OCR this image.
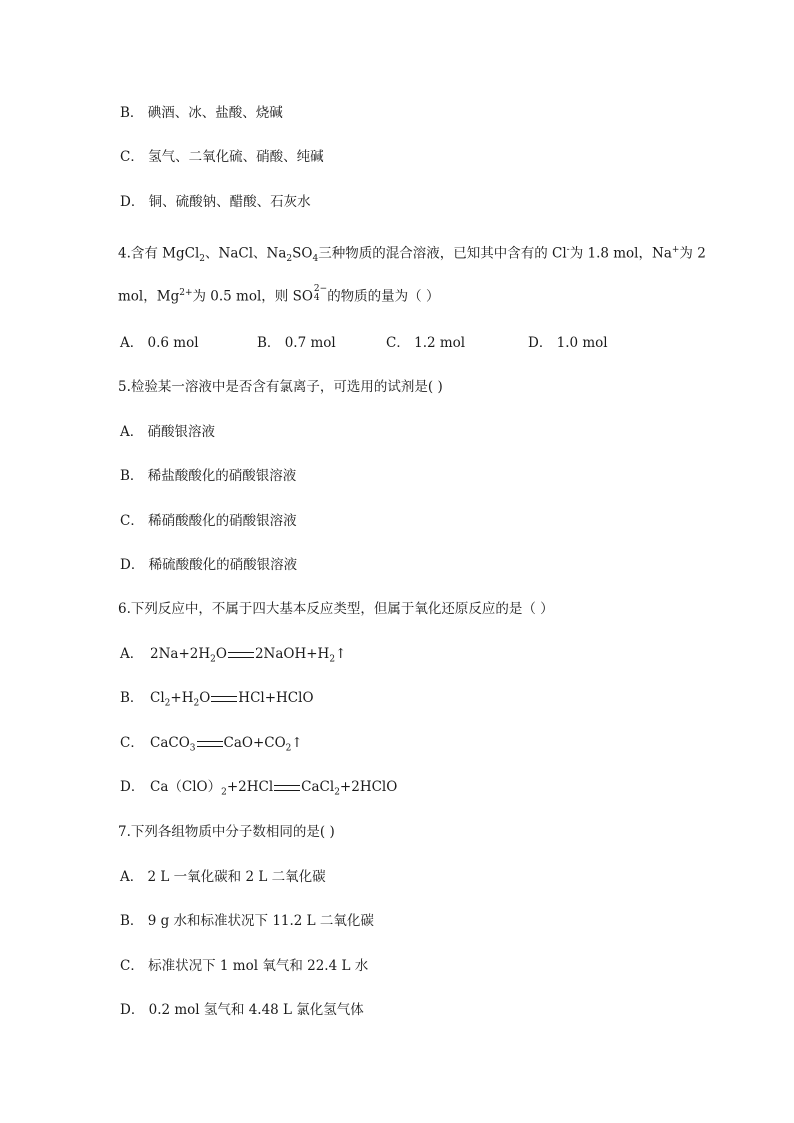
B． 碘酒、冰、盐酸、烧碱
C． 氢气、二氧化硫、硝酸、纯碱
D． 铜、硫酸钠、醋酸、石灰水
4.含有 MgCl$_2$、NaCl、$Na_2SO_4$三种物质的混合溶液，已知其中含有的 Cl-为 1.8 mol，Na+为 2
mol，$Mg^{2+}$为 0.5 mol，则 SO 2−
4 的物质的量为（ ）
A． 0.6 mol	B． 0.7 mol	C． 1.2 mol	D． 1.0 mol
5.检验某一溶液中是否含有氯离子，可选用的试剂是( )
A． 硝酸银溶液
B． 稀盐酸酸化的硝酸银溶液
C． 稀硝酸酸化的硝酸银溶液
D． 稀硫酸酸化的硝酸银溶液
6.下列反应中，不属于四大基本反应类型，但属于氧化还原反应的是（ ）
A． $2Na+2H_2O$ $2NaOH+H_2↑$
B． $Cl_2+H_2O$ HCl+HClO
C． CaCO$_3$ $CaO+CO_2↑$
D． $Ca(ClO)_2+2HCl$ CaCl$_2$+2HClO
7.下列各组物质中分子数相同的是( )
A． 2 L 一氧化碳和 2 L 二氧化碳
B． 9 g 水和标准状况下 11.2 L 二氧化碳
C． 标准状况下 1 mol 氧气和 22.4 L 水
D． 0.2 mol 氢气和 4.48 L 氯化氢气体
